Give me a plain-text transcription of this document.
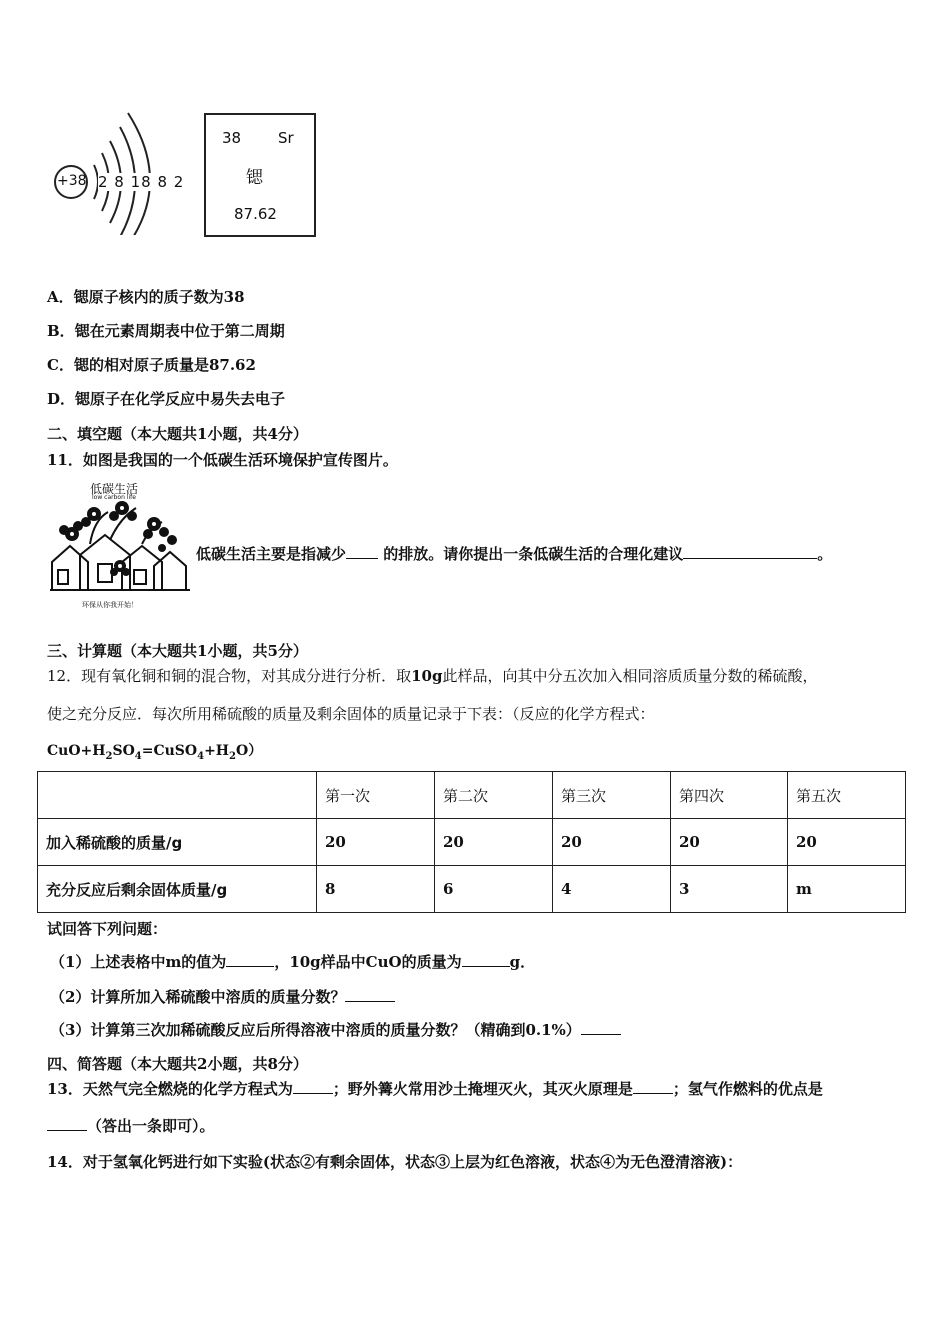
+38 2 8 18 8 2
38 Sr
锶
87.62
A．锶原子核内的质子数为38
B．锶在元素周期表中位于第二周期
C．锶的相对原子质量是87.62
D．锶原子在化学反应中易失去电子
二、填空题（本大题共1小题，共4分）
11．如图是我国的一个低碳生活环境保护宣传图片。
低碳生活
low carbon life
环保从你我开始！
低碳生活主要是指减少 的排放。请你提出一条低碳生活的合理化建议	。
三、计算题（本大题共1小题，共5分）
12．现有氧化铜和铜的混合物，对其成分进行分析．取10g此样品，向其中分五次加入相同溶质质量分数的稀硫酸，
使之充分反应．每次所用稀硫酸的质量及剩余固体的质量记录于下表：（反应的化学方程式：
$CuO+H_2SO_4=CuSO_4+H_2O$）
	第一次	第二次	第三次	第四次	第五次
加入稀硫酸的质量/g	20	20	20	20	20
充分反应后剩余固体质量/g	8	6	4	3	m
试回答下列问题：
（1）上述表格中m的值为	，10g样品中CuO的质量为	g．
（2）计算所加入稀硫酸中溶质的质量分数？
（3）计算第三次加稀硫酸反应后所得溶液中溶质的质量分数？（精确到0.1%）
四、简答题（本大题共2小题，共8分）
13．天然气完全燃烧的化学方程式为	；野外篝火常用沙土掩埋灭火，其灭火原理是	；氢气作燃料的优点是
（答出一条即可）。
14．对于氢氧化钙进行如下实验(状态②有剩余固体，状态③上层为红色溶液，状态④为无色澄清溶液)：
